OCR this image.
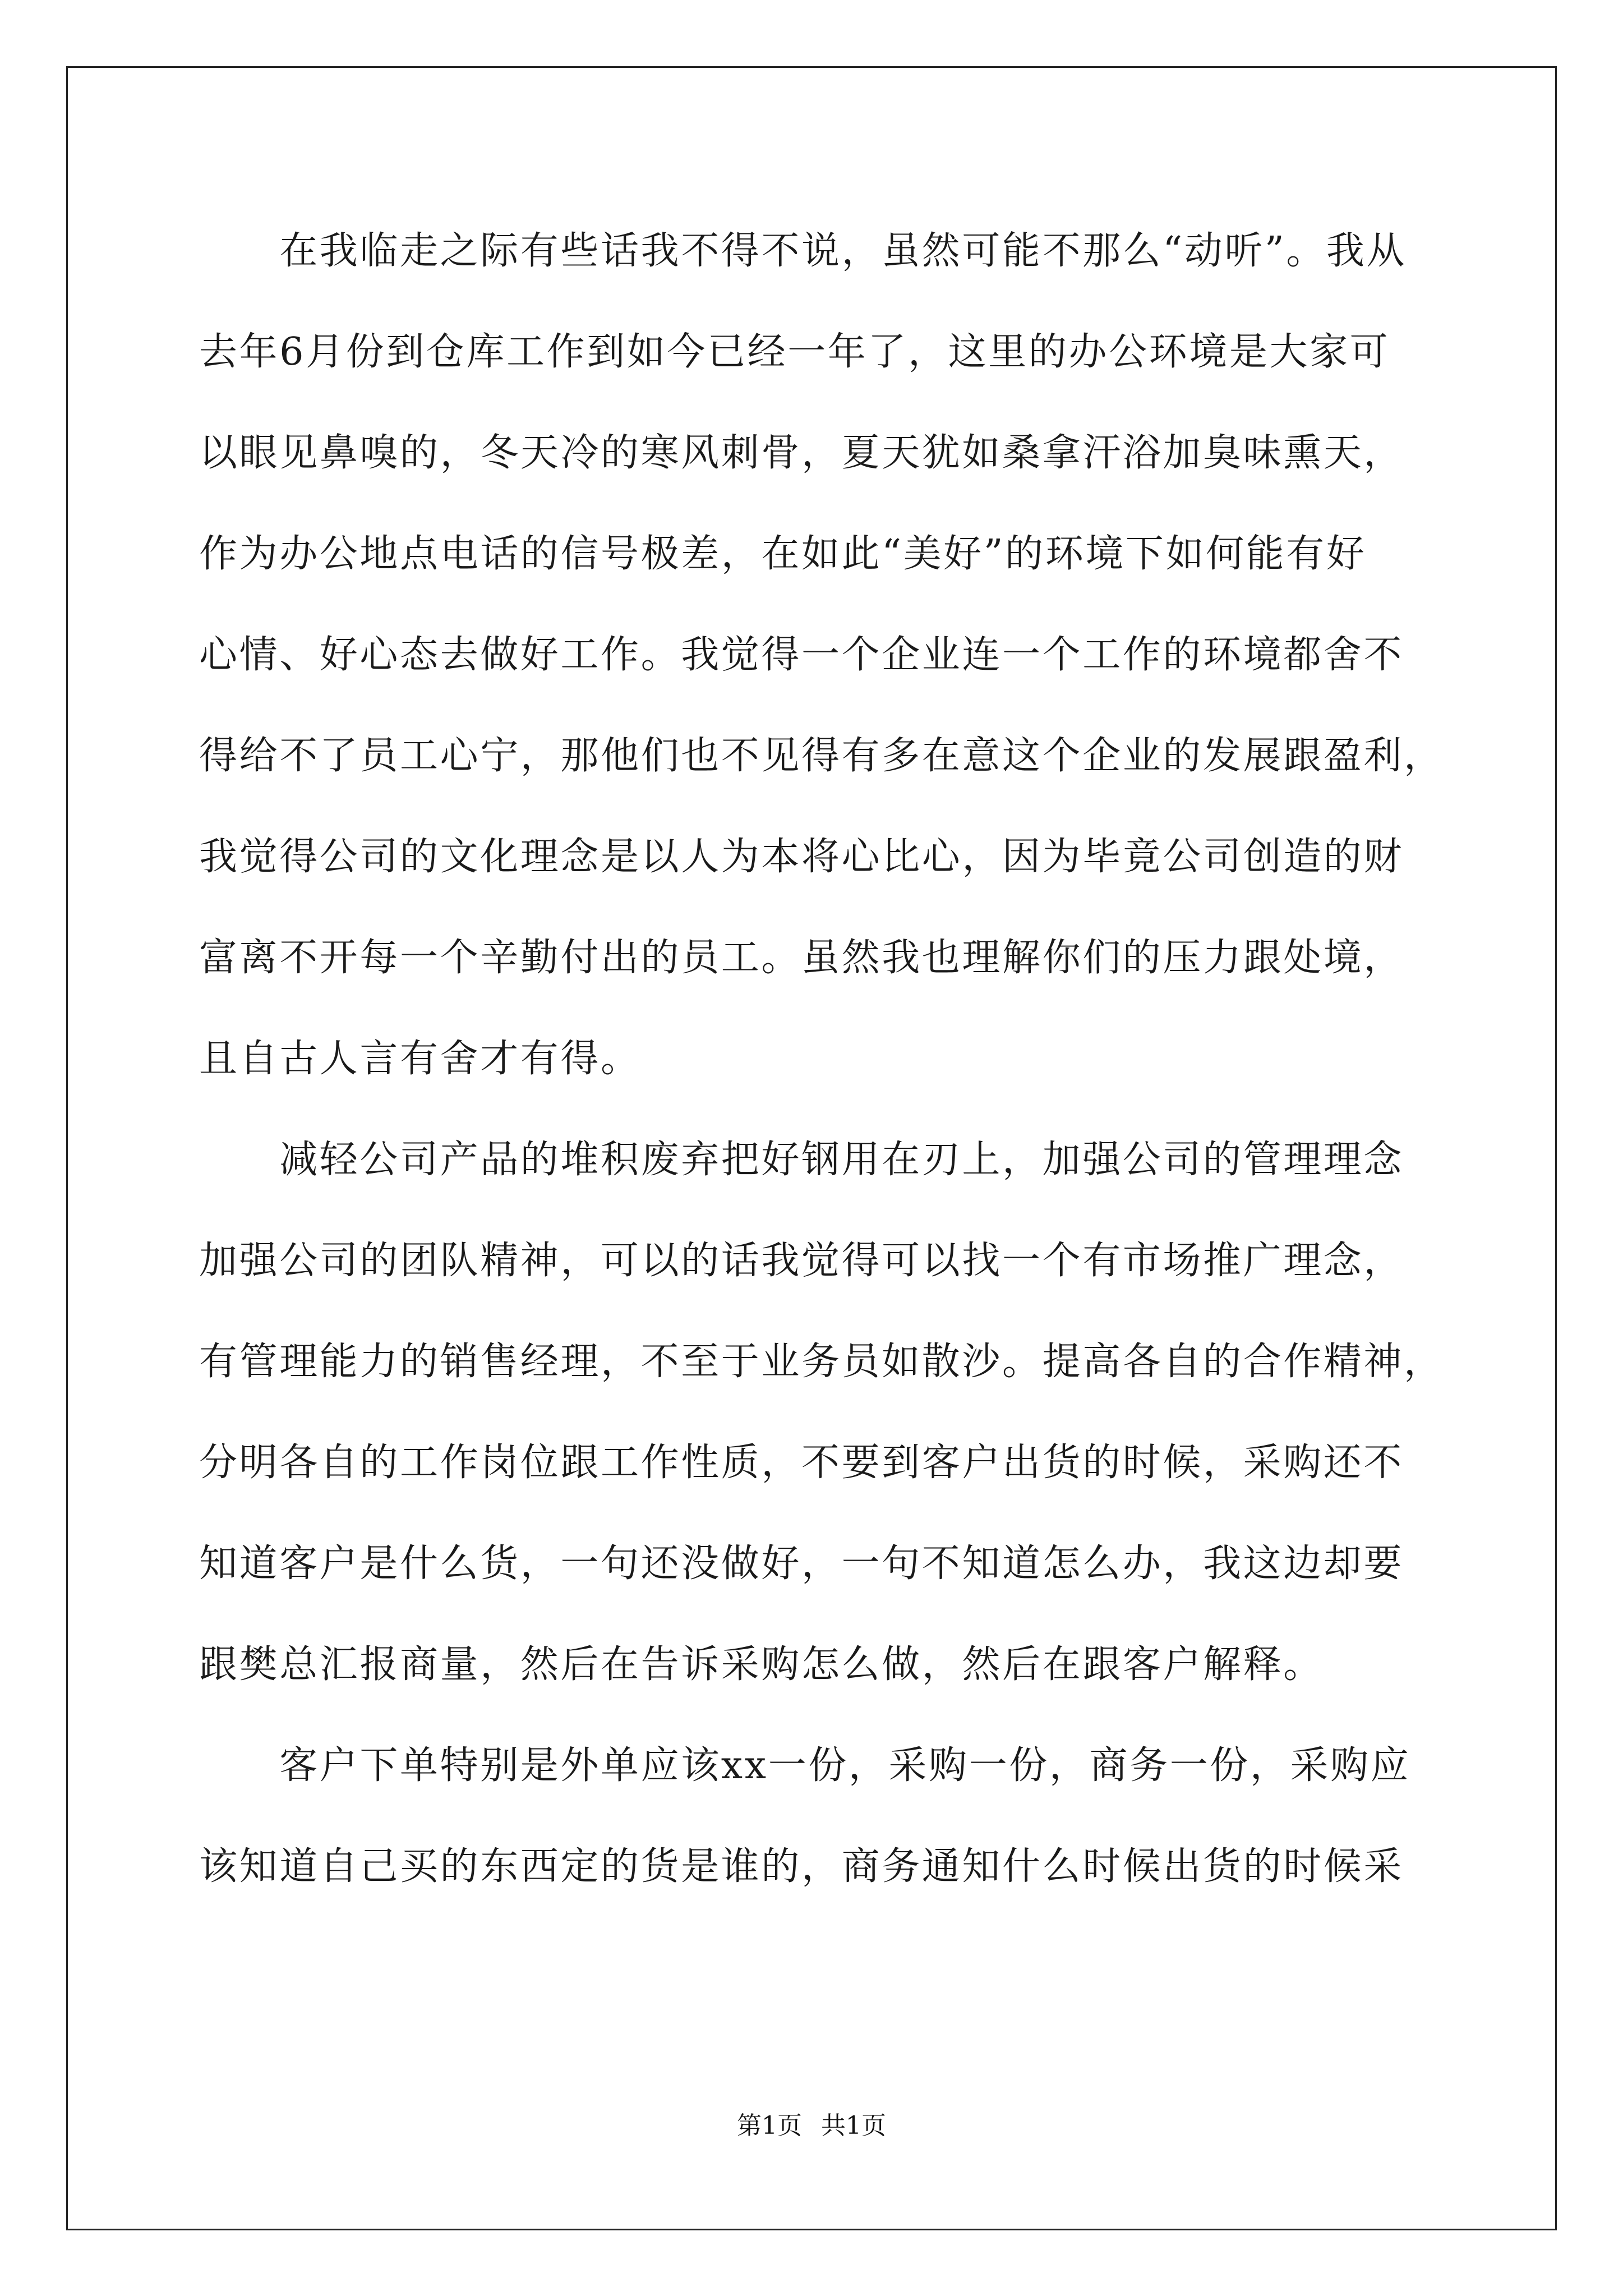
　　在我临走之际有些话我不得不说，虽然可能不那么“动听”。我从
去年6月份到仓库工作到如今已经一年了，这里的办公环境是大家可
以眼见鼻嗅的，冬天冷的寒风刺骨，夏天犹如桑拿汗浴加臭味熏天，
作为办公地点电话的信号极差，在如此“美好”的环境下如何能有好
心情、好心态去做好工作。我觉得一个企业连一个工作的环境都舍不
得给不了员工心宁，那他们也不见得有多在意这个企业的发展跟盈利，
我觉得公司的文化理念是以人为本将心比心，因为毕竟公司创造的财
富离不开每一个辛勤付出的员工。虽然我也理解你们的压力跟处境，
且自古人言有舍才有得。
　　减轻公司产品的堆积废弃把好钢用在刃上，加强公司的管理理念
加强公司的团队精神，可以的话我觉得可以找一个有市场推广理念，
有管理能力的销售经理，不至于业务员如散沙。提高各自的合作精神，
分明各自的工作岗位跟工作性质，不要到客户出货的时候，采购还不
知道客户是什么货，一句还没做好，一句不知道怎么办，我这边却要
跟樊总汇报商量，然后在告诉采购怎么做，然后在跟客户解释。
　　客户下单特别是外单应该xx一份，采购一份，商务一份，采购应
该知道自己买的东西定的货是谁的，商务通知什么时候出货的时候采
第1页 共1页
